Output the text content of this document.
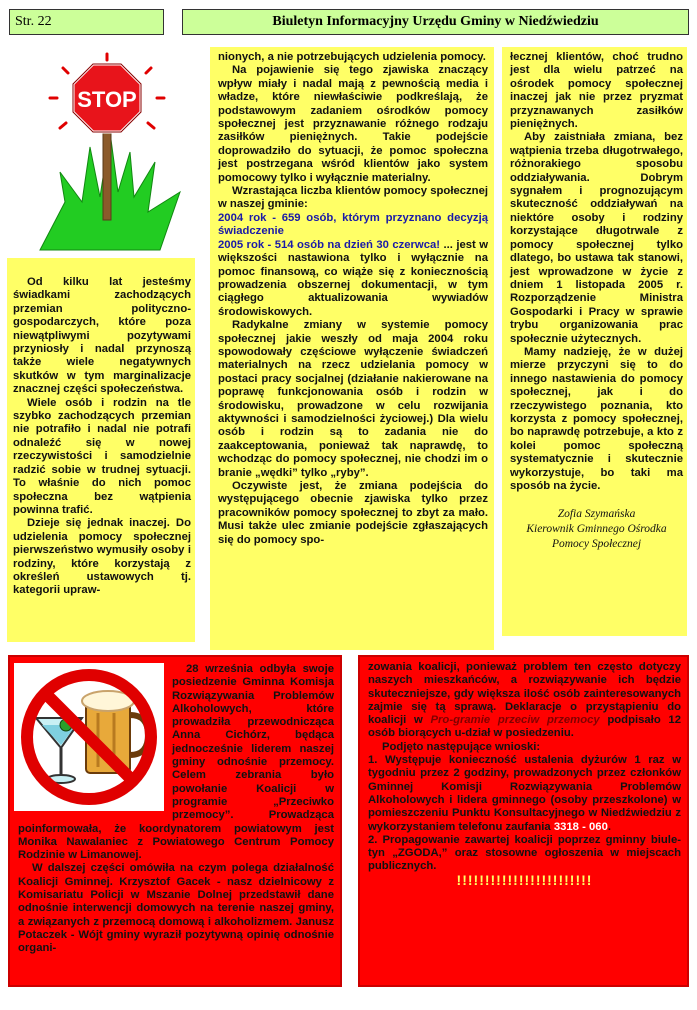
Str. 22	Biuletyn Informacyjny Urzędu Gminy w Niedźwiedziu
STOP

Od kilku lat jesteśmy świadkami zachodzących przemian polityczno-gospodarczych, które poza niewątpliwymi pozytywami przyniosły i nadal przynoszą także wiele negatywnych skutków w tym marginalizacje znacznej części społeczeństwa.

Wiele osób i rodzin na tle szybko zachodzących przemian nie potrafiło i nadal nie potrafi odnaleźć się w nowej rzeczywistości i samodzielnie radzić sobie w trudnej sytuacji. To właśnie do nich pomoc społeczna bez wątpienia powinna trafić.

Dzieje się jednak inaczej. Do udzielenia pomocy społecznej pierwszeństwo wymusiły osoby i rodziny, które korzystają z określeń ustawowych tj. kategorii upraw-

nionych, a nie potrzebujących udzielenia pomocy.

Na pojawienie się tego zjawiska znaczący wpływ miały i nadal mają z pewnością media i władze, które niewłaściwie podkreślają, że podstawowym zadaniem ośrodków pomocy społecznej jest przyznawanie różnego rodzaju zasiłków pieniężnych. Takie podejście doprowadziło do sytuacji, że pomoc społeczna jest postrzegana wśród klientów jako system pomocowy tylko i wyłącznie materialny.

Wzrastająca liczba klientów pomocy społecznej w naszej gminie:

2004 rok - 659 osób, którym przyznano decyzją świadczenie

2005 rok - 514 osób na dzień 30 czerwca! ... jest w większości nastawiona tylko i wyłącznie na pomoc finansową, co wiąże się z koniecznością prowadzenia obszernej dokumentacji, w tym ciągłego aktualizowania wywiadów środowiskowych.

Radykalne zmiany w systemie pomocy społecznej jakie weszły od maja 2004 roku spowodowały częściowe wyłączenie świadczeń materialnych na rzecz udzielania pomocy w postaci pracy socjalnej (działanie nakierowane na poprawę funkcjonowania osób i rodzin w środowisku, prowadzone w celu rozwijania aktywności i samodzielności życiowej.) Dla wielu osób i rodzin są to zadania nie do zaakceptowania, ponieważ tak naprawdę, to wchodząc do pomocy społecznej, nie chodzi im o branie „wędki” tylko „ryby”.

Oczywiste jest, że zmiana podejścia do występującego obecnie zjawiska tylko przez pracowników pomocy społecznej to zbyt za mało. Musi także ulec zmianie podejście zgłaszających się do pomocy spo-

łecznej klientów, choć trudno jest dla wielu patrzeć na ośrodek pomocy społecznej inaczej jak nie przez pryzmat przyznawanych zasiłków pieniężnych.

Aby zaistniała zmiana, bez wątpienia trzeba długotrwałego, różnorakiego sposobu oddziaływania. Dobrym sygnałem i prognozującym skuteczność oddziaływań na niektóre osoby i rodziny korzystające długotrwale z pomocy społecznej tylko dlatego, bo ustawa tak stanowi, jest wprowadzone w życie z dniem 1 listopada 2005 r. Rozporządzenie Ministra Gospodarki i Pracy w sprawie trybu organizowania prac społecznie użytecznych.

Mamy nadzieję, że w dużej mierze przyczyni się to do innego nastawienia do pomocy społecznej, jak i do rzeczywistego poznania, kto korzysta z pomocy społecznej, bo naprawdę potrzebuje, a kto z kolei pomoc społeczną systematycznie i skutecznie wykorzystuje, bo taki ma sposób na życie.

Zofia Szymańska
Kierownik Gminnego Ośrodka
Pomocy Społecznej

28 września odbyła swoje posiedzenie Gminna Komisja Rozwiązywania Problemów Alkoholowych, które prowadziła przewodnicząca Anna Cichórz, będąca jednocześnie liderem naszej gminy odnośnie przemocy. Celem zebrania było powołanie Koalicji w programie „Przeciwko przemocy”. Prowadząca poinformowała, że koordynatorem powiatowym jest Monika Nawalaniec z Powiatowego Centrum Pomocy Rodzinie w Limanowej.

W dalszej części omówiła na czym polega działalność Koalicji Gminnej. Krzysztof Gacek - nasz dzielnicowy z Komisariatu Policji w Mszanie Dolnej przedstawił dane odnośnie interwencji domowych na terenie naszej gminy, a związanych z przemocą domową i alkoholizmem. Janusz Potaczek - Wójt gminy wyraził pozytywną opinię odnośnie organi-

zowania koalicji, ponieważ problem ten często dotyczy naszych mieszkańców, a rozwiązywanie ich będzie skuteczniejsze, gdy większa ilość osób zainteresowanych zajmie się tą sprawą. Deklaracje o przystąpieniu do koalicji w Pro-gramie przeciw przemocy podpisało 12 osób biorących u-dział w posiedzeniu.

Podjęto następujące wnioski:

1. Występuje konieczność ustalenia dyżurów 1 raz w tygodniu przez 2 godziny, prowadzonych przez członków Gminnej Komisji Rozwiązywania Problemów Alkoholowych i lidera gminnego (osoby przeszkolone) w pomieszczeniu Punktu Konsultacyjnego w Niedźwiedziu z wykorzystaniem telefonu zaufania 3318 - 060.

2. Propagowanie zawartej koalicji poprzez gminny biule-tyn „ZGODA,” oraz stosowne ogłoszenia w miejscach publicznych.

!!!!!!!!!!!!!!!!!!!!!!!!
